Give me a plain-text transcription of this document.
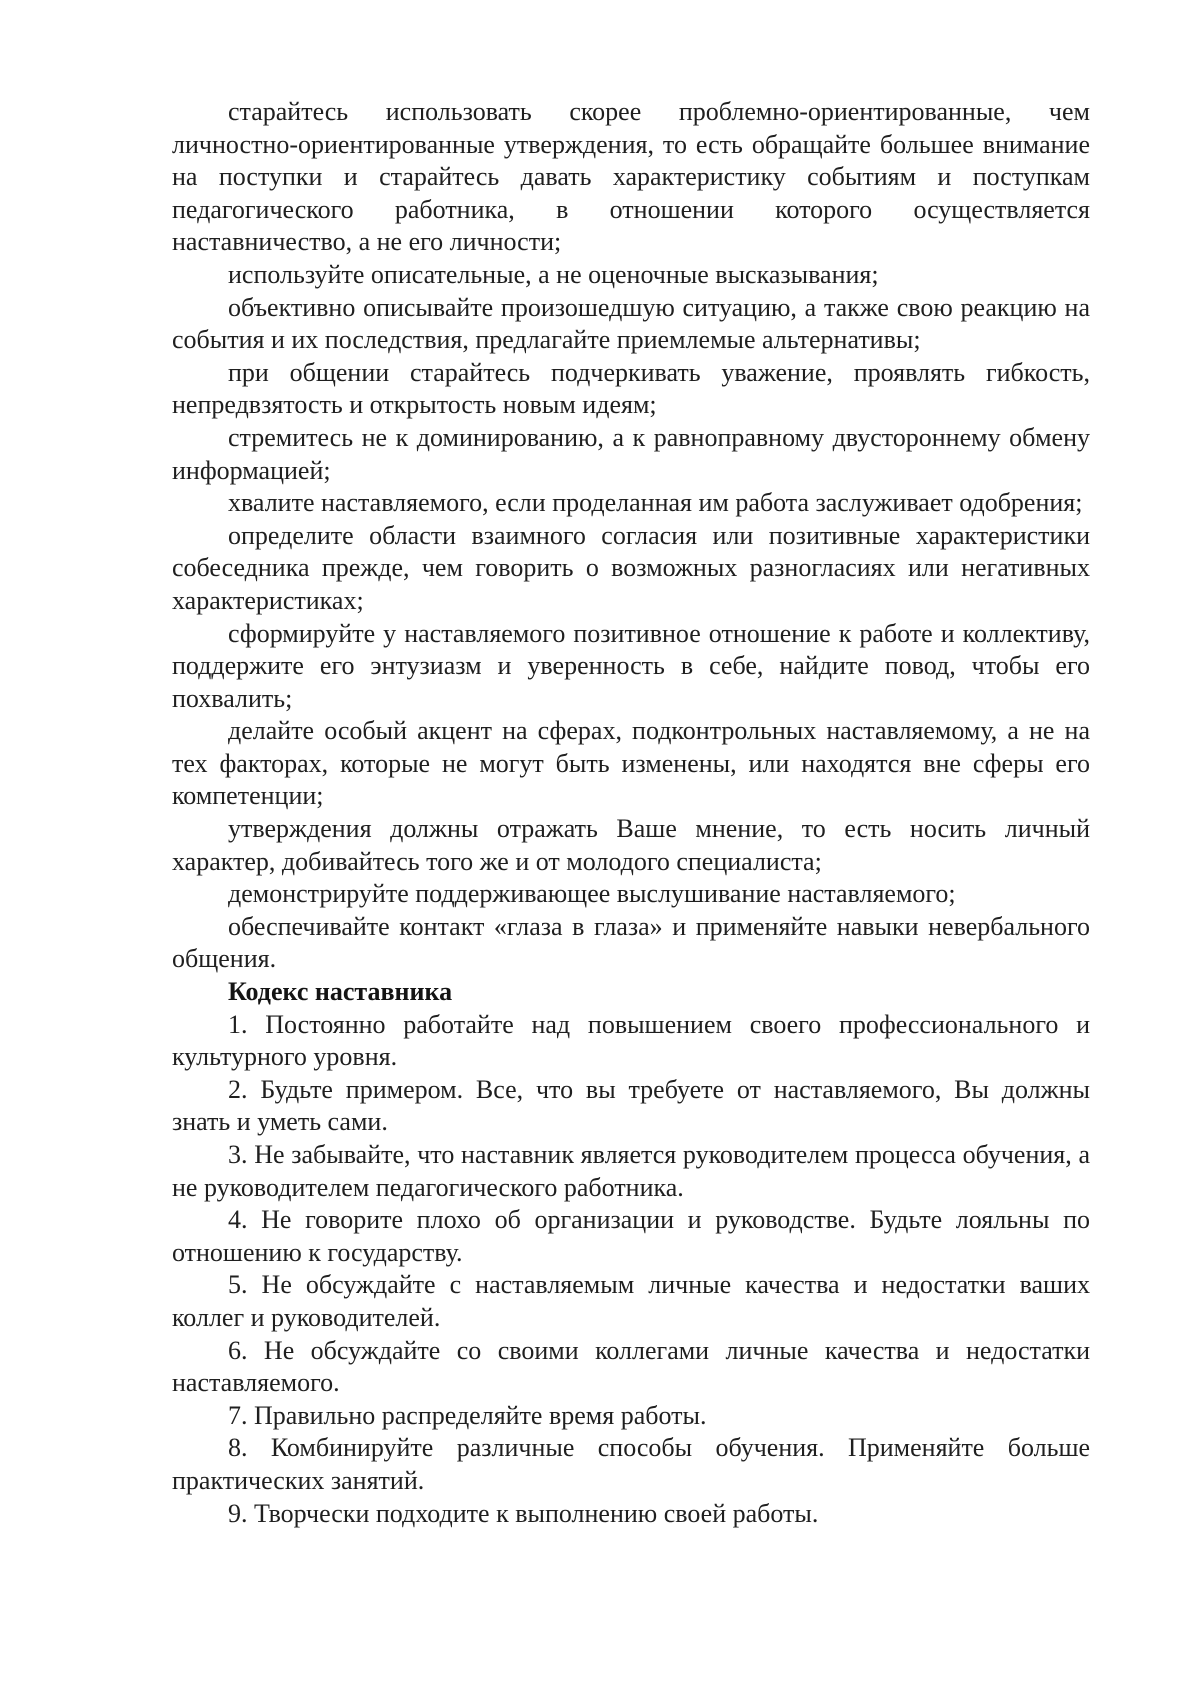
старайтесь использовать скорее проблемно-ориентированные, чем личностно-ориентированные утверждения, то есть обращайте большее внимание на поступки и старайтесь давать характеристику событиям и поступкам педагогического работника, в отношении которого осуществляется наставничество, а не его личности;

используйте описательные, а не оценочные высказывания;

объективно описывайте произошедшую ситуацию, а также свою реакцию на события и их последствия, предлагайте приемлемые альтернативы;

при общении старайтесь подчеркивать уважение, проявлять гибкость, непредвзятость и открытость новым идеям;

стремитесь не к доминированию, а к равноправному двустороннему обмену информацией;

хвалите наставляемого, если проделанная им работа заслуживает одобрения;

определите области взаимного согласия или позитивные характеристики собеседника прежде, чем говорить о возможных разногласиях или негативных характеристиках;

сформируйте у наставляемого позитивное отношение к работе и коллективу, поддержите его энтузиазм и уверенность в себе, найдите повод, чтобы его похвалить;

делайте особый акцент на сферах, подконтрольных наставляемому, а не на тех факторах, которые не могут быть изменены, или находятся вне сферы его компетенции;

утверждения должны отражать Ваше мнение, то есть носить личный характер, добивайтесь того же и от молодого специалиста;

демонстрируйте поддерживающее выслушивание наставляемого;

обеспечивайте контакт «глаза в глаза» и применяйте навыки невербального общения.

Кодекс наставника

1. Постоянно работайте над повышением своего профессионального и культурного уровня.

2. Будьте примером. Все, что вы требуете от наставляемого, Вы должны знать и уметь сами.

3. Не забывайте, что наставник является руководителем процесса обучения, а не руководителем педагогического работника.

4. Не говорите плохо об организации и руководстве. Будьте лояльны по отношению к государству.

5. Не обсуждайте с наставляемым личные качества и недостатки ваших коллег и руководителей.

6. Не обсуждайте со своими коллегами личные качества и недостатки наставляемого.

7. Правильно распределяйте время работы.

8. Комбинируйте различные способы обучения. Применяйте больше практических занятий.

9. Творчески подходите к выполнению своей работы.
